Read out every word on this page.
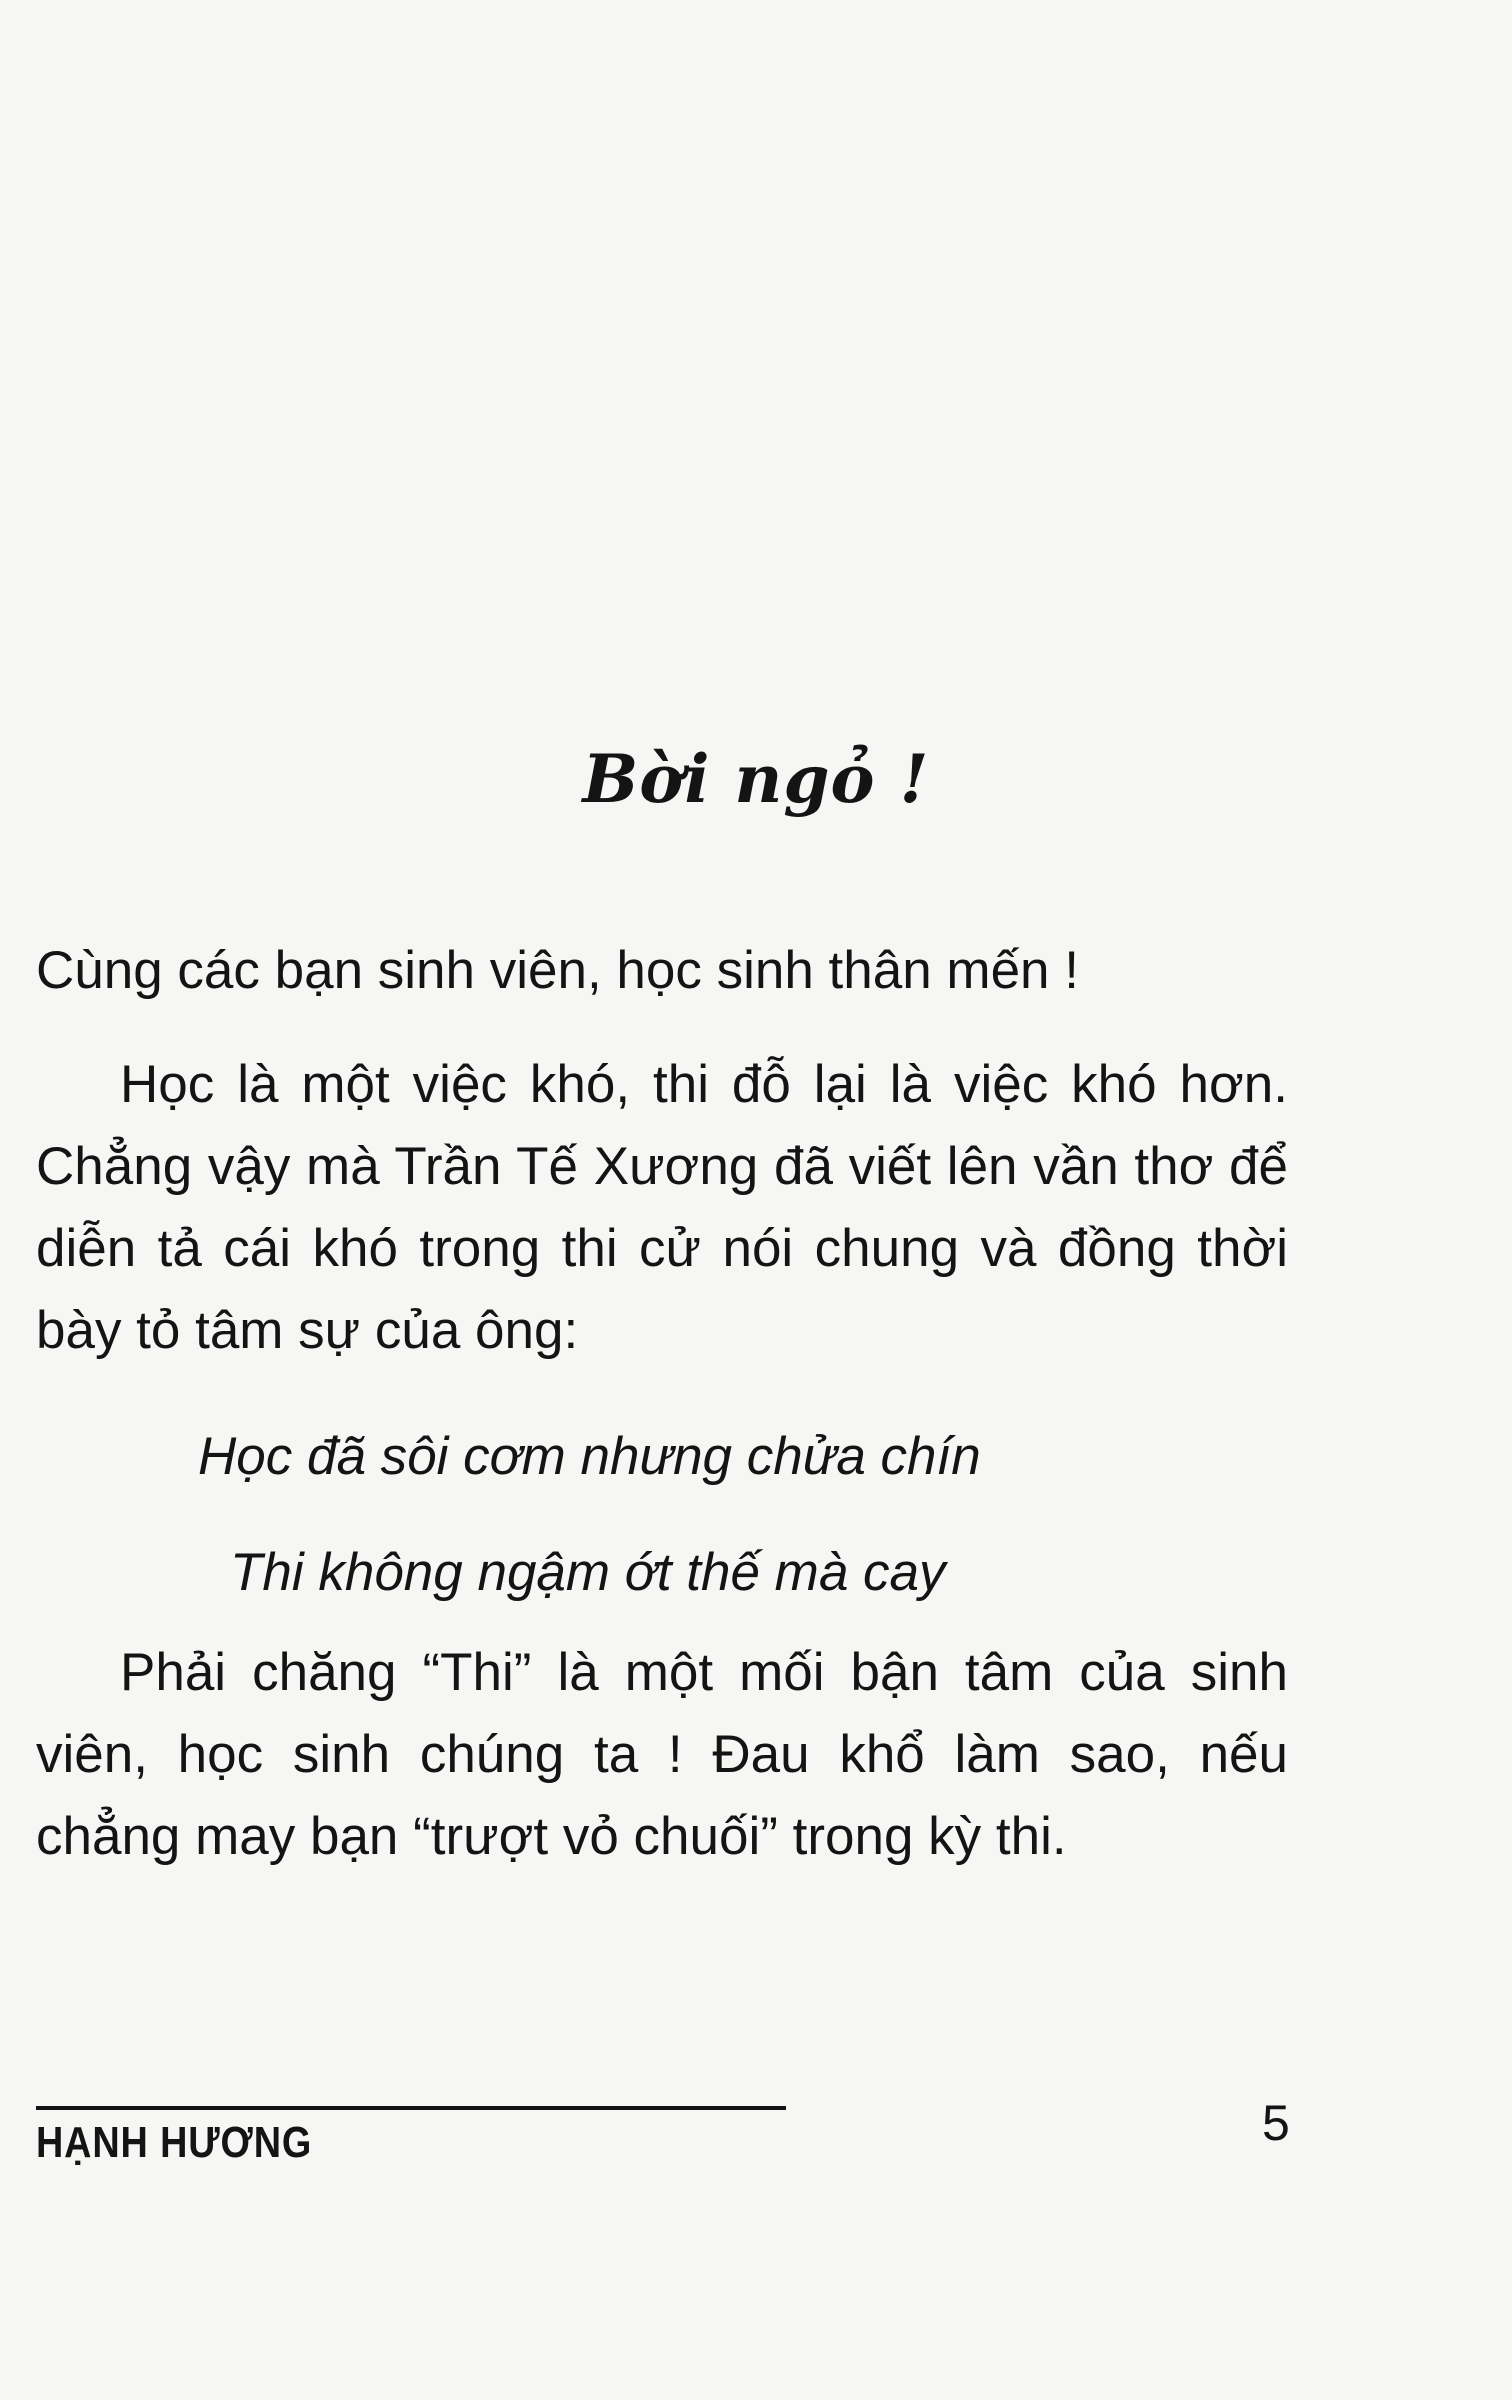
Bời ngỏ !
Cùng các bạn sinh viên, học sinh thân mến !
Học là một việc khó, thi đỗ lại là việc khó hơn. Chẳng vậy mà Trần Tế Xương đã viết lên vần thơ để diễn tả cái khó trong thi cử nói chung và đồng thời bày tỏ tâm sự của ông:
Học đã sôi cơm nhưng chửa chín
Thi không ngậm ớt thế mà cay
Phải chăng “Thi” là một mối bận tâm của sinh viên, học sinh chúng ta ! Đau khổ làm sao, nếu chẳng may bạn “trượt vỏ chuối” trong kỳ thi.
HẠNH HƯƠNG	5
